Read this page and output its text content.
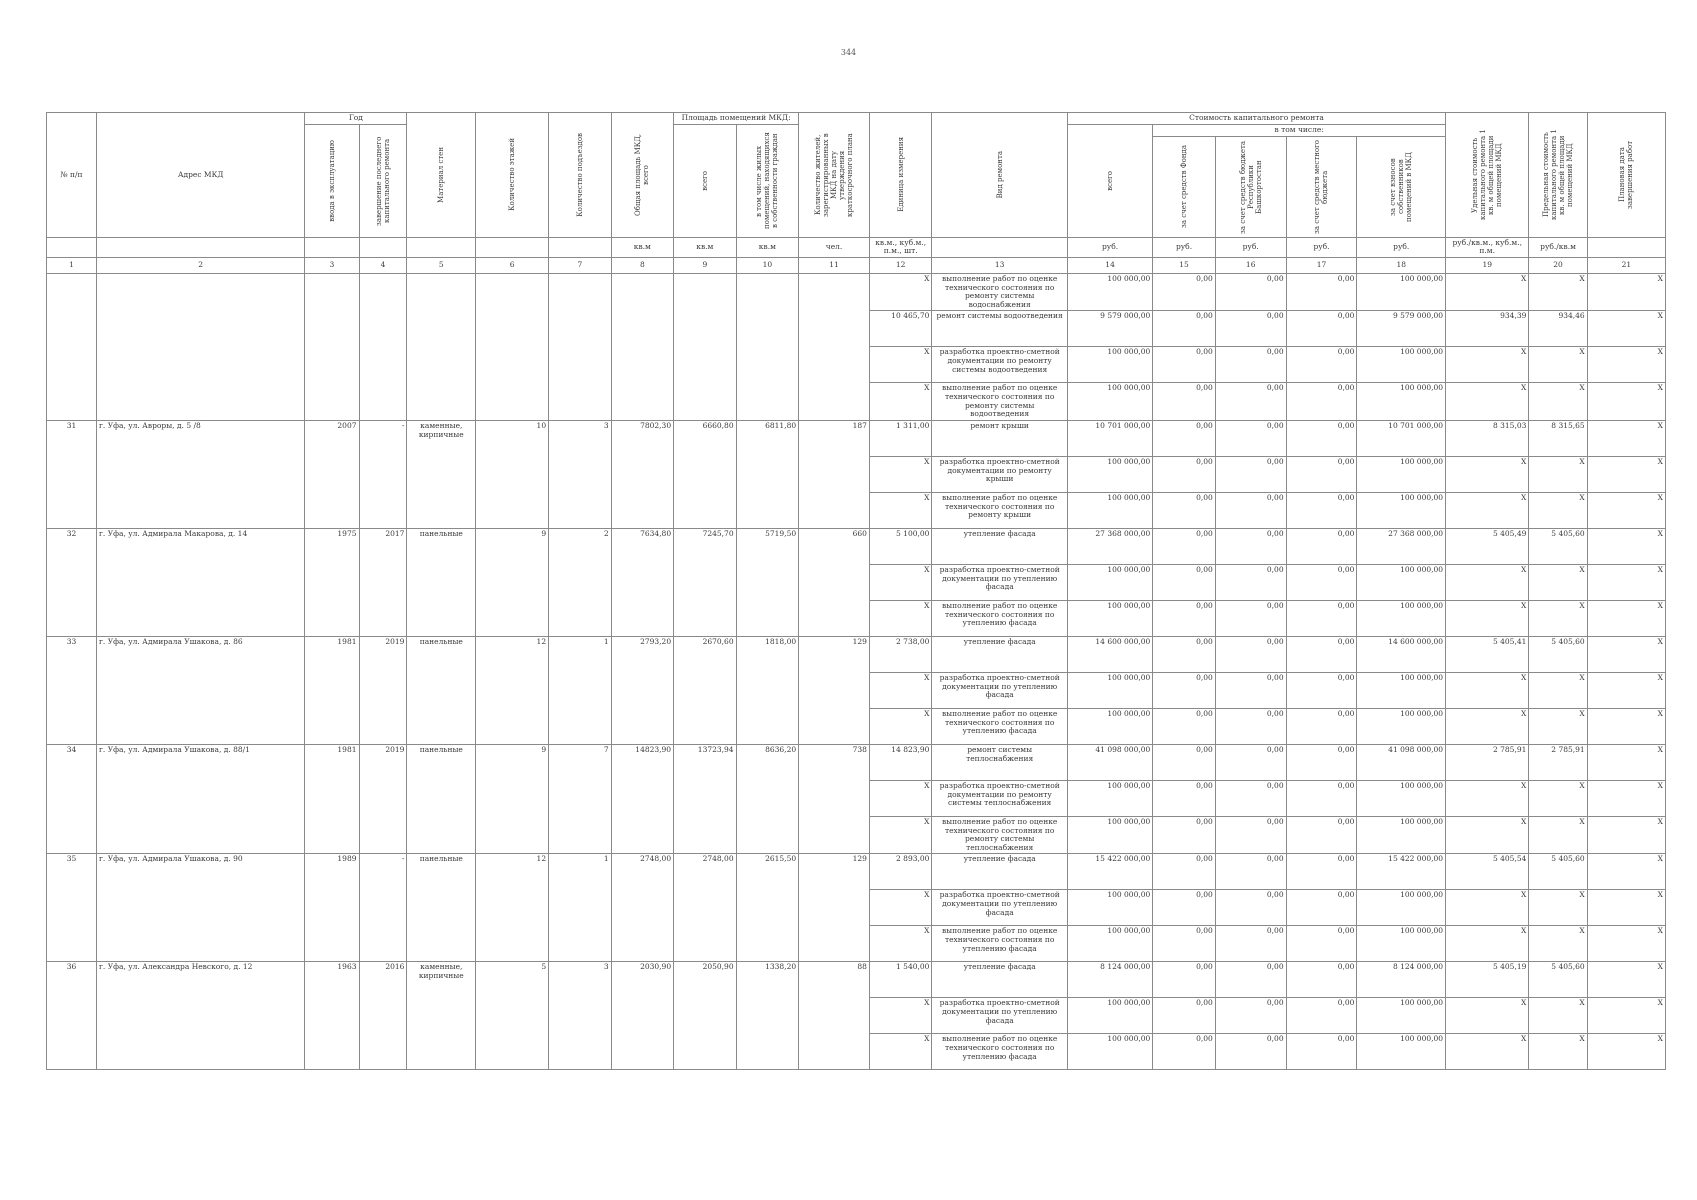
344
№ п/п	Адрес МКД	Год		Материал стен	Количество этажей	Количество подъездов	Общая площадь МКД, всего	Площадь помещений МКД:		Количество жителей, зарегистрированных в МКД на дату утверждения краткосрочного плана	Единица измерения	Вид ремонта	Стоимость капитального ремонта					Удельная стоимость капитального ремонта 1 кв. м общей площади помещений МКД	Предельная стоимость капитального ремонта 1 кв. м общей площади помещений МКД	Плановая дата завершения работ

		ввода в эксплуатацию	завершение последнего капитального ремонта					всего	в том числе жилых помещений, находящихся в собственности граждан				всего	в том числе:						

														за счет средств Фонда	за счет средств бюджета Республики Башкортостан	за счет средств местного бюджета	за счет взносов собственников помещений в МКД			

							кв.м	кв.м	кв.м	чел.	кв.м., куб.м., п.м., шт.		руб.	руб.	руб.	руб.	руб.	руб./кв.м., куб.м., п.м.	руб./кв.м	
1	2	3	4	5	6	7	8	9	10	11	12	13	14	15	16	17	18	19	20	21
											X	выполнение работ по оценке технического состояния по ремонту системы водоснабжения	100 000,00	0,00	0,00	0,00	100 000,00	X	X	X
											10 465,70	ремонт системы водоотведения	9 579 000,00	0,00	0,00	0,00	9 579 000,00	934,39	934,46	X
											X	разработка проектно-сметной документации по ремонту системы водоотведения	100 000,00	0,00	0,00	0,00	100 000,00	X	X	X
											X	выполнение работ по оценке технического состояния по ремонту системы водоотведения	100 000,00	0,00	0,00	0,00	100 000,00	X	X	X
31	г. Уфа, ул. Авроры, д. 5 /8	2007	-	каменные, кирпичные	10	3	7802,30	6660,80	6811,80	187	1 311,00	ремонт крыши	10 701 000,00	0,00	0,00	0,00	10 701 000,00	8 315,03	8 315,65	X
											X	разработка проектно-сметной документации по ремонту крыши	100 000,00	0,00	0,00	0,00	100 000,00	X	X	X
											X	выполнение работ по оценке технического состояния по ремонту крыши	100 000,00	0,00	0,00	0,00	100 000,00	X	X	X
32	г. Уфа, ул. Адмирала Макарова, д. 14	1975	2017	панельные	9	2	7634,80	7245,70	5719,50	660	5 100,00	утепление фасада	27 368 000,00	0,00	0,00	0,00	27 368 000,00	5 405,49	5 405,60	X
											X	разработка проектно-сметной документации по утеплению фасада	100 000,00	0,00	0,00	0,00	100 000,00	X	X	X
											X	выполнение работ по оценке технического состояния по утеплению фасада	100 000,00	0,00	0,00	0,00	100 000,00	X	X	X
33	г. Уфа, ул. Адмирала Ушакова, д. 86	1981	2019	панельные	12	1	2793,20	2670,60	1818,00	129	2 738,00	утепление фасада	14 600 000,00	0,00	0,00	0,00	14 600 000,00	5 405,41	5 405,60	X
											X	разработка проектно-сметной документации по утеплению фасада	100 000,00	0,00	0,00	0,00	100 000,00	X	X	X
											X	выполнение работ по оценке технического состояния по утеплению фасада	100 000,00	0,00	0,00	0,00	100 000,00	X	X	X
34	г. Уфа, ул. Адмирала Ушакова, д. 88/1	1981	2019	панельные	9	7	14823,90	13723,94	8636,20	738	14 823,90	ремонт системы теплоснабжения	41 098 000,00	0,00	0,00	0,00	41 098 000,00	2 785,91	2 785,91	X
											X	разработка проектно-сметной документации по ремонту системы теплоснабжения	100 000,00	0,00	0,00	0,00	100 000,00	X	X	X
											X	выполнение работ по оценке технического состояния по ремонту системы теплоснабжения	100 000,00	0,00	0,00	0,00	100 000,00	X	X	X
35	г. Уфа, ул. Адмирала Ушакова, д. 90	1989	-	панельные	12	1	2748,00	2748,00	2615,50	129	2 893,00	утепление фасада	15 422 000,00	0,00	0,00	0,00	15 422 000,00	5 405,54	5 405,60	X
											X	разработка проектно-сметной документации по утеплению фасада	100 000,00	0,00	0,00	0,00	100 000,00	X	X	X
											X	выполнение работ по оценке технического состояния по утеплению фасада	100 000,00	0,00	0,00	0,00	100 000,00	X	X	X
36	г. Уфа, ул. Александра Невского, д. 12	1963	2016	каменные, кирпичные	5	3	2030,90	2050,90	1338,20	88	1 540,00	утепление фасада	8 124 000,00	0,00	0,00	0,00	8 124 000,00	5 405,19	5 405,60	X
											X	разработка проектно-сметной документации по утеплению фасада	100 000,00	0,00	0,00	0,00	100 000,00	X	X	X
											X	выполнение работ по оценке технического состояния по утеплению фасада	100 000,00	0,00	0,00	0,00	100 000,00	X	X	X
